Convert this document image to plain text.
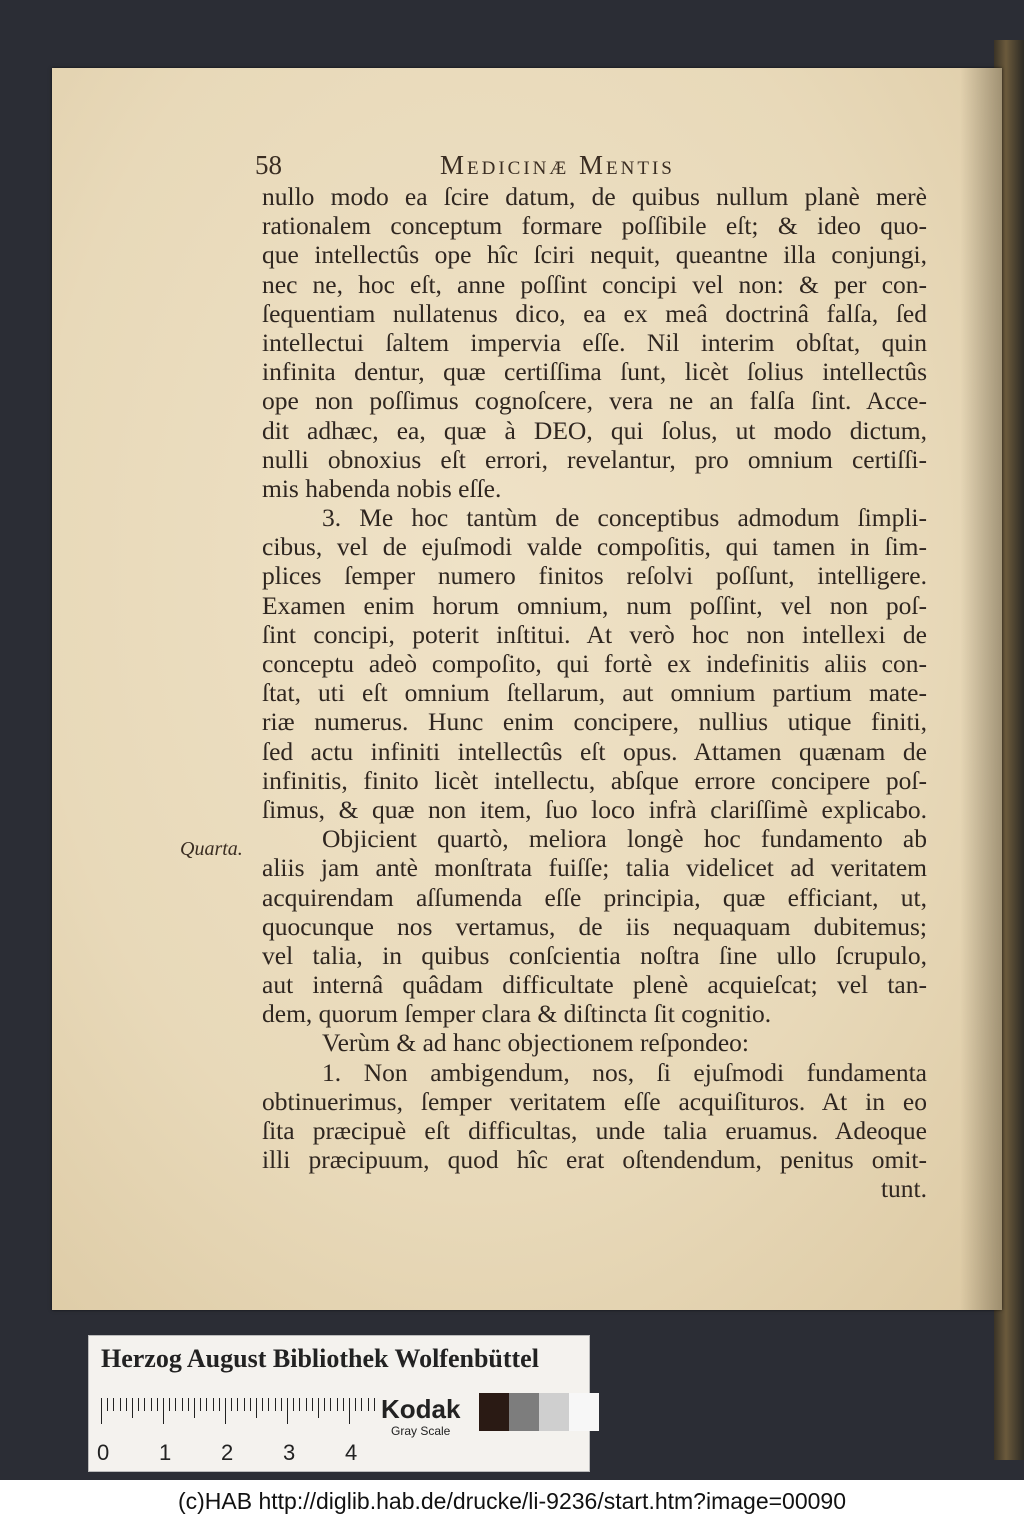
58	Medicinæ Mentis
Quarta.
nullo modo ea ſcire datum, de quibus nullum planè merè
rationalem conceptum formare poſſibile eſt; & ideo quo-
que intellectûs ope hîc ſciri nequit, queantne illa conjungi,
nec ne, hoc eſt, anne poſſint concipi vel non: & per con-
ſequentiam nullatenus dico, ea ex meâ doctrinâ falſa, ſed
intellectui ſaltem impervia eſſe. Nil interim obſtat, quin
infinita dentur, quæ certiſſima ſunt, licèt ſolius intellectûs
ope non poſſimus cognoſcere, vera ne an falſa ſint. Acce-
dit adhæc, ea, quæ à DEO, qui ſolus, ut modo dictum,
nulli obnoxius eſt errori, revelantur, pro omnium certiſſi-
mis habenda nobis eſſe.
3. Me hoc tantùm de conceptibus admodum ſimpli-
cibus, vel de ejuſmodi valde compoſitis, qui tamen in ſim-
plices ſemper numero finitos reſolvi poſſunt, intelligere.
Examen enim horum omnium, num poſſint, vel non poſ-
ſint concipi, poterit inſtitui. At verò hoc non intellexi de
conceptu adeò compoſito, qui fortè ex indefinitis aliis con-
ſtat, uti eſt omnium ſtellarum, aut omnium partium mate-
riæ numerus. Hunc enim concipere, nullius utique finiti,
ſed actu infiniti intellectûs eſt opus. Attamen quænam de
infinitis, finito licèt intellectu, abſque errore concipere poſ-
ſimus, & quæ non item, ſuo loco infrà clariſſimè explicabo.
Objicient quartò, meliora longè hoc fundamento ab
aliis jam antè monſtrata fuiſſe; talia videlicet ad veritatem
acquirendam aſſumenda eſſe principia, quæ efficiant, ut,
quocunque nos vertamus, de iis nequaquam dubitemus;
vel talia, in quibus conſcientia noſtra ſine ullo ſcrupulo,
aut internâ quâdam difficultate plenè acquieſcat; vel tan-
dem, quorum ſemper clara & diſtincta ſit cognitio.
Verùm & ad hanc objectionem reſpondeo:
1. Non ambigendum, nos, ſi ejuſmodi fundamenta
obtinuerimus, ſemper veritatem eſſe acquiſituros. At in eo
ſita præcipuè eſt difficultas, unde talia eruamus. Adeoque
illi præcipuum, quod hîc erat oſtendendum, penitus omit-
tunt.
Herzog August Bibliothek Wolfenbüttel
0 1 2 3 4
Kodak
Gray Scale
(c)HAB http://diglib.hab.de/drucke/li-9236/start.htm?image=00090
